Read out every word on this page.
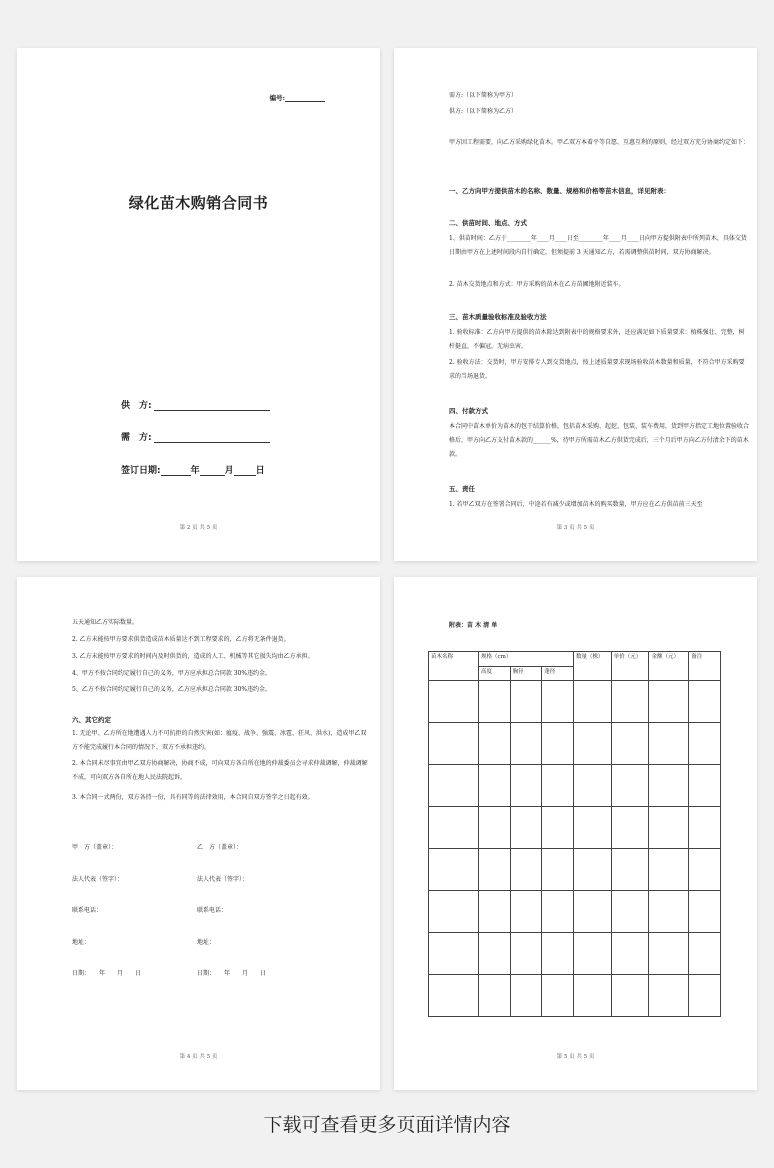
编号:
绿化苗木购销合同书
供　方:
需　方:
签订日期:	年	月 日
第 2 页 共 5 页
需方:（以下简称为甲方）
供方:（以下简称为乙方）
甲方因工程需要，向乙方采购绿化苗木。甲乙双方本着平等自愿、互惠互利的原则，经过双方充分协商约定如下：
一、乙方向甲方提供苗木的名称、数量、规格和价格等苗木信息，详见附表：
二、供苗时间、地点、方式
1、供苗时间：乙方于________年____月____日至________年____月____日向甲方提供附表中所列苗木，具体交货日期由甲方在上述时间段内自行确定，但须提前 3 天通知乙方，若需调整供苗时间，双方协商解决。
2. 苗木交货地点和方式：甲方采购的苗木在乙方苗圃地附近装车。
三、苗木质量验收标准及验收方法
1. 验收标准：乙方向甲方提供的苗木除达到附表中的规格要求外，还应满足如下质量要求：植株强壮、完整，树杆挺直，不偏冠，无病虫害。
2. 验收方法：交货时，甲方安排专人到交货地点，按上述质量要求现场验收苗木数量和质量，不符合甲方采购要求的当场退货。
四、付款方式
本合同中苗木单价为苗木的包干结算价格，包括苗木采购、起挖、包装、装车费用，货到甲方指定工地位置验收合格后，甲方向乙方支付苗木款的______%，待甲方所需苗木乙方供货完成后，三个月后甲方向乙方付清余下的苗木款。
五、责任
1. 若甲乙双方在签署合同后，中途若有减少或增加苗木的购买数量，甲方应在乙方供苗前三天至
第 3 页 共 5 页
五天通知乙方实际数量。
2. 乙方未能按甲方要求供货造成苗木质量达不到工程要求的，乙方将无条件退货。
3. 乙方未能按甲方要求的时间内及时供货的，造成的人工、机械等其它损失均由乙方承担。
4、甲方不按合同约定履行自己的义务，甲方应承担总合同款 30%违约金。
5、乙方不按合同约定履行自己的义务，乙方应承担总合同款 30%违约金。
六、其它约定
1. 无论甲、乙方所在地遭遇人力不可抗拒的自然灾害(如：瘟疫、战争、强震、冰雹、狂风、洪水)，造成甲乙双方不能完成履行本合同的情况下，双方不承担违约。
2. 本合同未尽事宜由甲乙双方协商解决，协商不成，可向双方各自所在地的仲裁委员会寻求仲裁调解，仲裁调解不成，可向双方各自所在地人民法院起诉。
3. 本合同一式两份，双方各持一份，具有同等的法律效用，本合同自双方签字之日起有效。
甲　方（盖章）：	乙　方（盖章）：
法人代表（签字）：	法人代表（签字）：
联系电话：	联系电话：
地址：	地址：
日期：　　年　　月　　日	日期：　　年　　月　　日
第 4 页 共 5 页
附表：苗 木 清 单
苗木名称	规格（cm）			数量（株）	单价（元）	金额（元）	备注
	高度	胸径	蓬径				

第 5 页 共 5 页
下载可查看更多页面详情内容
